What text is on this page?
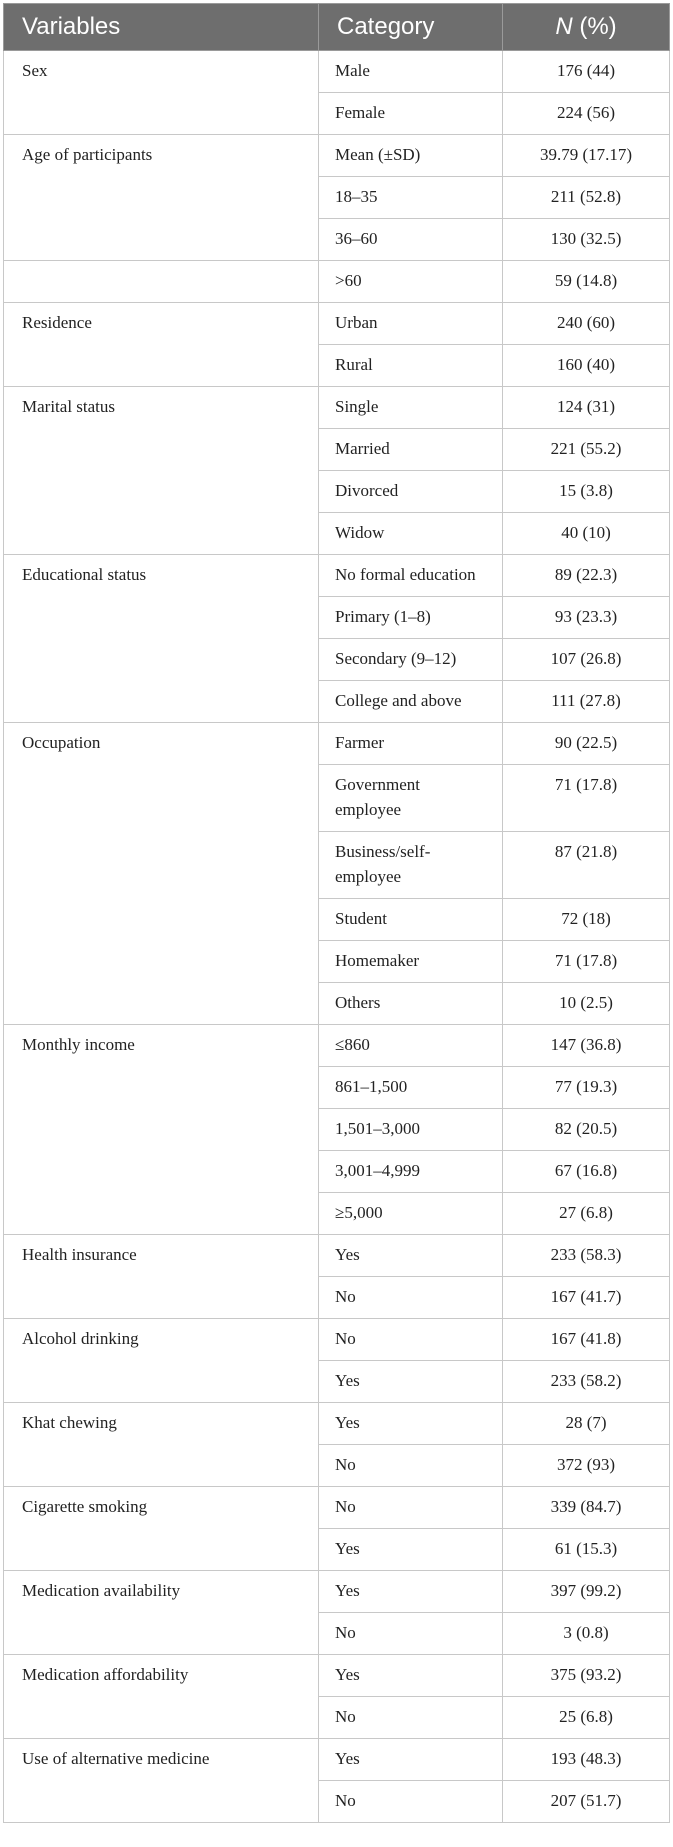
Variables	Category	N (%)
Sex	Male	176 (44)
	Female	224 (56)
Age of participants	Mean (±SD)	39.79 (17.17)
	18–35	211 (52.8)
	36–60	130 (32.5)
	>60	59 (14.8)
Residence	Urban	240 (60)
	Rural	160 (40)
Marital status	Single	124 (31)
	Married	221 (55.2)
	Divorced	15 (3.8)
	Widow	40 (10)
Educational status	No formal education	89 (22.3)
	Primary (1–8)	93 (23.3)
	Secondary (9–12)	107 (26.8)
	College and above	111 (27.8)
Occupation	Farmer	90 (22.5)
	Government employee	71 (17.8)
	Business/self-employee	87 (21.8)
	Student	72 (18)
	Homemaker	71 (17.8)
	Others	10 (2.5)
Monthly income	≤860	147 (36.8)
	861–1,500	77 (19.3)
	1,501–3,000	82 (20.5)
	3,001–4,999	67 (16.8)
	≥5,000	27 (6.8)
Health insurance	Yes	233 (58.3)
	No	167 (41.7)
Alcohol drinking	No	167 (41.8)
	Yes	233 (58.2)
Khat chewing	Yes	28 (7)
	No	372 (93)
Cigarette smoking	No	339 (84.7)
	Yes	61 (15.3)
Medication availability	Yes	397 (99.2)
	No	3 (0.8)
Medication affordability	Yes	375 (93.2)
	No	25 (6.8)
Use of alternative medicine	Yes	193 (48.3)
	No	207 (51.7)
